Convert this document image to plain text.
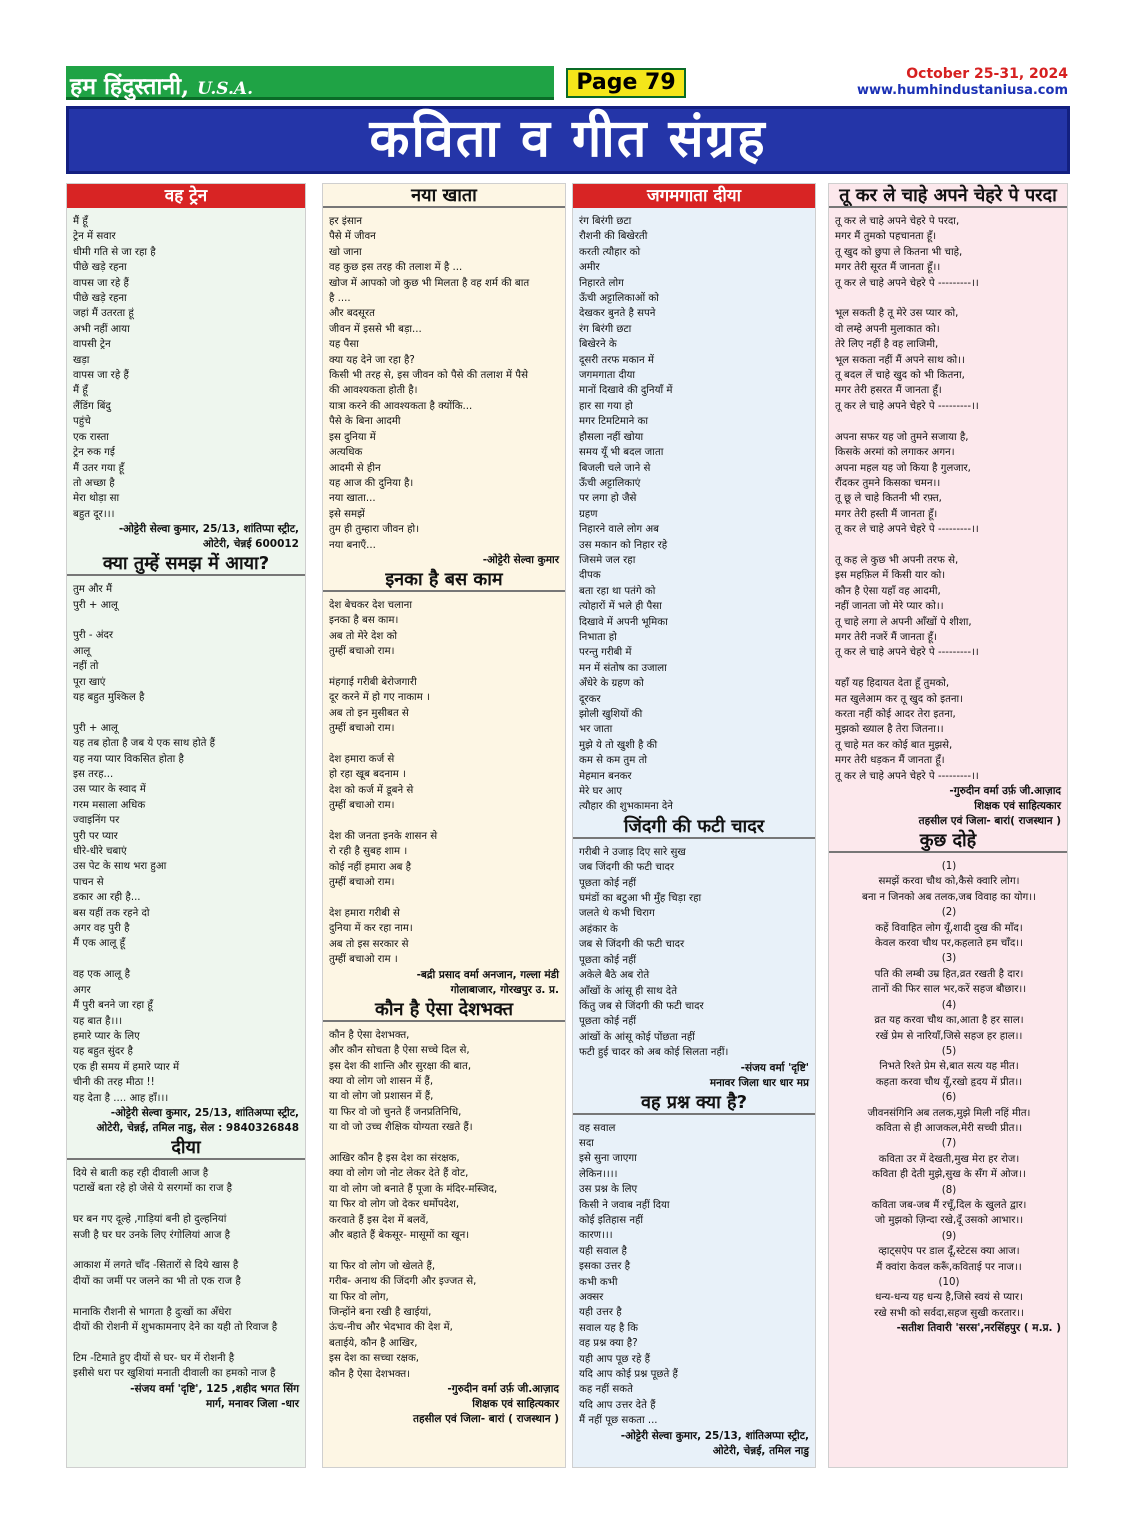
हम हिंदुस्तानी, U.S.A.	Page 79	October 25-31, 2024
www.humhindustaniusa.com
कविता व गीत संग्रह
वह ट्रेन
मैं हूँ
ट्रेन में सवार
धीमी गति से जा रहा है
पीछे खड़े रहना
वापस जा रहे हैं
पीछे खड़े रहना
जहां मैं उतरता हूं
अभी नहीं आया
वापसी ट्रेन
खड़ा
वापस जा रहे हैं
मैं हूँ
लैंडिंग बिंदु
पहुंचे
एक रास्ता
ट्रेन रुक गई
मैं उतर गया हूँ
तो अच्छा है
मेरा थोड़ा सा
बहुत दूर।।।
-ओट्टेरी सेल्वा कुमार, 25/13, शांतिप्पा स्ट्रीट,
ओटेरी, चेन्नई 600012
क्या तुम्हें समझ में आया?
तुम और मैं
पुरी + आलू

पुरी - अंदर
आलू
नहीं तो
पूरा खाएं
यह बहुत मुश्किल है

पुरी + आलू
यह तब होता है जब ये एक साथ होते हैं
यह नया प्यार विकसित होता है
इस तरह...
उस प्यार के स्वाद में
गरम मसाला अधिक
ज्वाइनिंग पर
पुरी पर प्यार
धीरे-धीरे चबाएं
उस पेट के साथ भरा हुआ
पाचन से
डकार आ रही है...
बस यहीं तक रहने दो
अगर वह पुरी है
मैं एक आलू हूँ

वह एक आलू है
अगर
मैं पुरी बनने जा रहा हूँ
यह बात है।।।
हमारे प्यार के लिए
यह बहुत सुंदर है
एक ही समय में हमारे प्यार में
चीनी की तरह मीठा !!
यह देता है .... आह हाँ।।।
-ओट्टेरी सेल्वा कुमार, 25/13, शांतिअप्पा स्ट्रीट,
ओटेरी, चेन्नई, तमिल नाडु, सेल : 9840326848
दीया
दिये से बाती कह रही दीवाली आज है
पटाखें बता रहे हो जेसे ये सरगमों का राज है

घर बन गए दूल्हे ,गाड़ियां बनी हो दुल्हनियां
सजी है घर घर उनके लिए रंगोलियां आज है

आकाश में लगते चाँद -सितारों से दिये खास है
दीयों का जमीं पर जलने का भी तो एक राज है

मानाकि रौशनी से भागता है दुःखों का अँधेरा
दीयों की रोशनी में शुभकामनाए देने का यही तो रिवाज है

टिम -टिमाते हुए दीयों से घर- घर में रोशनी है
इसीसे धरा पर खुशियां मनाती दीवाली का हमको नाज है
-संजय वर्मा 'दृष्टि', 125 ,शहीद भगत सिंग
मार्ग, मनावर जिला -धार
नया खाता
हर इंसान
पैसे में जीवन
खो जाना
वह कुछ इस तरह की तलाश में है ...
खोज में आपको जो कुछ भी मिलता है वह शर्म की बात
है ....
और बदसूरत
जीवन में इससे भी बड़ा...
यह पैसा
क्या यह देने जा रहा है?
किसी भी तरह से, इस जीवन को पैसे की तलाश में पैसे
की आवश्यकता होती है।
यात्रा करने की आवश्यकता है क्योंकि...
पैसे के बिना आदमी
इस दुनिया में
अत्यधिक
आदमी से हीन
यह आज की दुनिया है।
नया खाता...
इसे समझें
तुम ही तुम्हारा जीवन हो।
नया बनाएँ...
-ओट्टेरी सेल्वा कुमार
इनका है बस काम
देश बेचकर देश चलाना
इनका है बस काम।
अब तो मेरे देश को
तुम्हीं बचाओ राम।

मंहगाई गरीबी बेरोजगारी
दूर करने में हो गए नाकाम ।
अब तो इन मुसीबत से
तुम्हीं बचाओ राम।

देश हमारा कर्ज से
हो रहा खूब बदनाम ।
देश को कर्ज में डूबने से
तुम्हीं बचाओ राम।

देश की जनता इनके शासन से
रो रही है सुबह शाम ।
कोई नहीं हमारा अब है
तुम्हीं बचाओ राम।

देश हमारा गरीबी से
दुनिया में कर रहा नाम।
अब तो इस सरकार से
तुम्हीं बचाओ राम ।
-बद्री प्रसाद वर्मा अनजान, गल्ला मंडी
गोलाबाजार, गोरखपुर उ. प्र.
कौन है ऐसा देशभक्त
कौन है ऐसा देशभक्त,
और कौन सोचता है ऐसा सच्चे दिल से,
इस देश की शान्ति और सुरक्षा की बात,
क्या वो लोग जो शासन में हैं,
या वो लोग जो प्रशासन में हैं,
या फिर वो जो चुनते हैं जनप्रतिनिधि,
या वो जो उच्च शैक्षिक योग्यता रखते हैं।

आखिर कौन है इस देश का संरक्षक,
क्या वो लोग जो नोट लेकर देते हैं वोट,
या वो लोग जो बनाते हैं पूजा के मंदिर-मस्जिद,
या फिर वो लोग जो देकर धर्मोपदेश,
करवाते हैं इस देश में बलवें,
और बहाते हैं बेकसूर- मासूमों का खून।

या फिर वो लोग जो खेलते हैं,
गरीब- अनाथ की जिंदगी और इज्जत से,
या फिर वो लोग,
जिन्होंने बना रखी है खाईयां,
ऊंच-नीच और भेदभाव की देश में,
बताईये, कौन है आखिर,
इस देश का सच्चा रक्षक,
कौन है ऐसा देशभक्त।
-गुरुदीन वर्मा उर्फ़ जी.आज़ाद
शिक्षक एवं साहित्यकार
तहसील एवं जिला- बारां ( राजस्थान )
जगमगाता दीया
रंग बिरंगी छटा
रौशनी की बिखेरती
करती त्यौहार को
अमीर
निहारते लोग
ऊँची अट्टालिकाओं को
देखकर बुनते है सपने
रंग बिरंगी छटा
बिखेरने के
दूसरी तरफ मकान में
जगमगाता दीया
मानों दिखावे की दुनियाँ में
हार सा गया हो
मगर टिमटिमाने का
हौसला नहीं खोया
समय यूँ भी बदल जाता
बिजली चले जाने से
ऊँची अट्टालिकाएं
पर लगा हो जैसे
ग्रहण
निहारने वाले लोग अब
उस मकान को निहार रहे
जिसमे जल रहा
दीपक
बता रहा था पतंगे को
त्योहारों में भले ही पैसा
दिखावे में अपनी भूमिका
निभाता हो
परन्तु गरीबी में
मन में संतोष का उजाला
अँधेरे के ग्रहण को
दूरकर
झोली खुशियों की
भर जाता
मुझे ये तो खुशी है की
कम से कम तुम तो
मेहमान बनकर
मेरे घर आए
त्यौहार की शुभकामना देने
जिंदगी की फटी चादर
गरीबी ने उजाड़ दिए सारे सुख
जब जिंदगी की फटी चादर
पूछता कोई नहीं
घमंडों का बटुआ भी मुँह चिड़ा रहा
जलते थे कभी चिराग
अहंकार के
जब से जिंदगी की फटी चादर
पूछता कोई नहीं
अकेले बैठे अब रोते
आँखों के आंसू ही साथ देते
किंतु जब से जिंदगी की फटी चादर
पूछता कोई नहीं
आंखों के आंसू कोई पोंछता नहीं
फटी हुई चादर को अब कोई सिलता नहीं।
-संजय वर्मा 'दृष्टि'
मनावर जिला धार धार मप्र
वह प्रश्न क्या है?
वह सवाल
सदा
इसे सुना जाएगा
लेकिन।।।।
उस प्रश्न के लिए
किसी ने जवाब नहीं दिया
कोई इतिहास नहीं
कारण।।।
यही सवाल है
इसका उत्तर है
कभी कभी
अक्सर
यही उत्तर है
सवाल यह है कि
वह प्रश्न क्या है?
यही आप पूछ रहे हैं
यदि आप कोई प्रश्न पूछते हैं
कह नहीं सकते
यदि आप उत्तर देते हैं
मैं नहीं पूछ सकता ...
-ओट्टेरी सेल्वा कुमार, 25/13, शांतिअप्पा स्ट्रीट,
ओटेरी, चेन्नई, तमिल नाडु
तू कर ले चाहे अपने चेहरे पे परदा
तू कर ले चाहे अपने चेहरे पे परदा,
मगर मैं तुमको पहचानता हूँ।
तू खुद को छुपा ले कितना भी चाहे,
मगर तेरी सूरत मैं जानता हूँ।।
तू कर ले चाहे अपने चेहरे पे ---------।।

भूल सकती है तू मेरे उस प्यार को,
वो लम्हे अपनी मुलाकात को।
तेरे लिए नहीं है वह लाजिमी,
भूल सकता नहीं मैं अपने साथ को।।
तू बदल लें चाहे खुद को भी कितना,
मगर तेरी हसरत मैं जानता हूँ।
तू कर ले चाहे अपने चेहरे पे ---------।।

अपना सफर यह जो तुमने सजाया है,
किसके अरमां को लगाकर अगन।
अपना महल यह जो किया है गुलजार,
रौंदकर तुमने किसका चमन।।
तू छू ले चाहे कितनी भी रफ़्त,
मगर तेरी हस्ती मैं जानता हूँ।
तू कर ले चाहे अपने चेहरे पे ---------।।

तू कह ले कुछ भी अपनी तरफ से,
इस महफ़िल में किसी यार को।
कौन है ऐसा यहाँ वह आदमी,
नहीं जानता जो मेरे प्यार को।।
तू चाहे लगा ले अपनी आँखों पे शीशा,
मगर तेरी नजरें मैं जानता हूँ।
तू कर ले चाहे अपने चेहरे पे ---------।।

यहाँ यह हिदायत देता हूँ तुमको,
मत खुलेआम कर तू खुद को इतना।
करता नहीं कोई आदर तेरा इतना,
मुझको ख्याल है तेरा जितना।।
तू चाहे मत कर कोई बात मुझसे,
मगर तेरी धड़कन मैं जानता हूँ।
तू कर ले चाहे अपने चेहरे पे ---------।।
-गुरुदीन वर्मा उर्फ़ जी.आज़ाद
शिक्षक एवं साहित्यकार
तहसील एवं जिला- बारां( राजस्थान )
कुछ दोहे
(1)
समझें करवा चौथ को,कैसे क्वारि लोग।
बना न जिनको अब तलक,जब विवाह का योग।।
(2)
कहें विवाहित लोग यूँ,शादी दुख की माँद।
केवल करवा चौथ पर,कहलाते हम चाँद।।
(3)
पति की लम्बी उम्र हित,व्रत रखती है दार।
तानों की फिर साल भर,करें सहज बौछार।।
(4)
व्रत यह करवा चौथ का,आता है हर साल।
रखें प्रेम से नारियाँ,जिसे सहज हर हाल।।
(5)
निभते रिश्ते प्रेम से,बात सत्य यह मीत।
कहता करवा चौथ यूँ,रखो हृदय में प्रीत।।
(6)
जीवनसंगिनि अब तलक,मुझे मिली नहिं मीत।
कविता से ही आजकल,मेरी सच्ची प्रीत।।
(7)
कविता उर में देखती,मुख मेरा हर रोज।
कविता ही देती मुझे,सुख के सँग में ओज।।
(8)
कविता जब-जब मैं रचूँ,दिल के खुलते द्वार।
जो मुझको ज़िन्दा रखे,दूँ उसको आभार।।
(9)
व्हाट्सऐप पर डाल दूँ,स्टेटस क्या आज।
मैं क्वांरा केवल करूँ,कविताई पर नाज।।
(10)
धन्य-धन्य यह धन्य है,जिसे स्वयं से प्यार।
रखे सभी को सर्वदा,सहज सुखी करतार।।
-सतीश तिवारी 'सरस',नरसिंहपुर ( म.प्र. )
